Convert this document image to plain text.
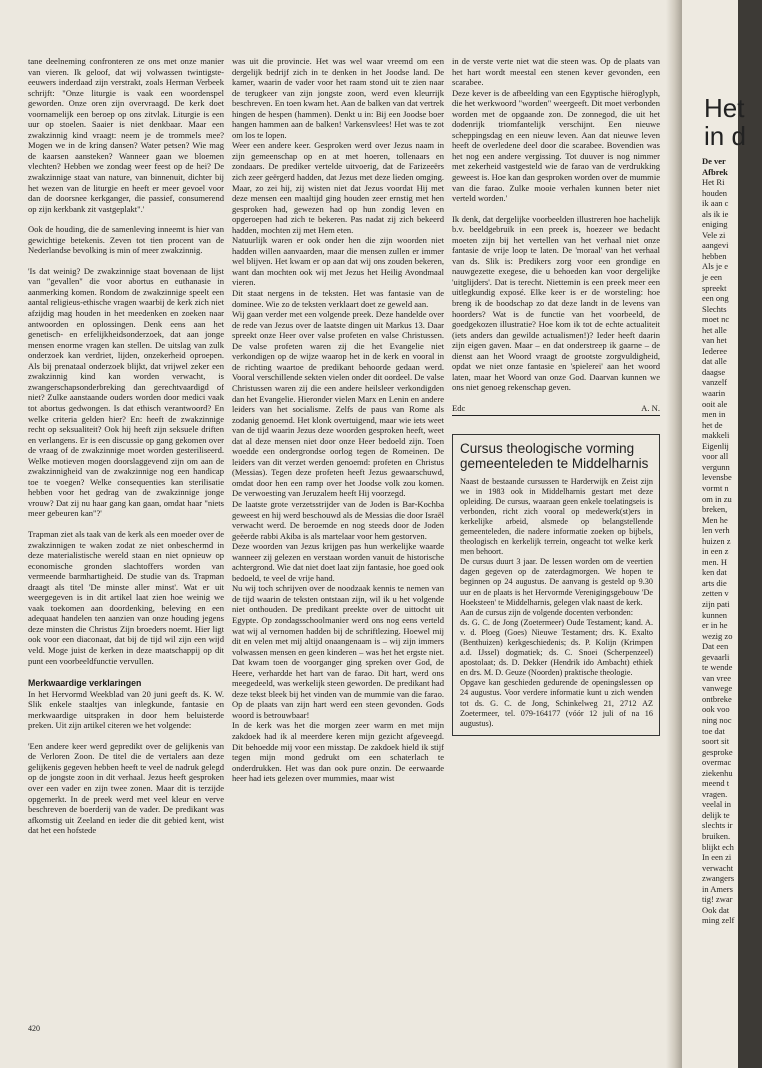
tane deelneming confronteren ze ons met onze manier van vieren. Ik geloof, dat wij volwassen twintigste-eeuwers inderdaad zijn verstrakt, zoals Herman Verbeek schrijft: "Onze liturgie is vaak een woordenspel geworden. Onze oren zijn overvraagd. De kerk doet voornamelijk een beroep op ons zitvlak. Liturgie is een uur op stoelen. Saaier is niet denkbaar. Maar een zwakzinnig kind vraagt: neem je de trommels mee? Mogen we in de kring dansen? Water petsen? Wie mag de kaarsen aansteken? Wanneer gaan we bloemen vlechten? Hebben we zondag weer feest op de hei? De zwakzinnige staat van nature, van binnenuit, dichter bij het wezen van de liturgie en heeft er meer gevoel voor dan de doorsnee kerkganger, die passief, consumerend op zijn kerkbank zit vastgeplakt".'

Ook de houding, die de samenleving inneemt is hier van gewichtige betekenis. Zeven tot tien procent van de Nederlandse bevolking is min of meer zwakzinnig.

'Is dat weinig? De zwakzinnige staat bovenaan de lijst van "gevallen" die voor abortus en euthanasie in aanmerking komen. Rondom de zwakzinnige speelt een aantal religieus-ethische vragen waarbij de kerk zich niet afzijdig mag houden in het meedenken en zoeken naar antwoorden en oplossingen. Denk eens aan het genetisch- en erfelijkheidsonderzoek, dat aan jonge mensen enorme vragen kan stellen. De uitslag van zulk onderzoek kan verdriet, lijden, onzekerheid oproepen. Als bij prenataal onderzoek blijkt, dat vrijwel zeker een zwakzinnig kind kan worden verwacht, is zwangerschapsonderbreking dan gerechtvaardigd of niet? Zulke aanstaande ouders worden door medici vaak tot abortus gedwongen. Is dat ethisch verantwoord? En welke criteria gelden hier? En: heeft de zwakzinnige recht op seksualiteit? Ook hij heeft zijn seksuele driften en verlangens. Er is een discussie op gang gekomen over de vraag of de zwakzinnige moet worden gesteriliseerd. Welke motieven mogen doorslaggevend zijn om aan de zwakzinnigheid van de zwakzinnige nog een handicap toe te voegen? Welke consequenties kan sterilisatie hebben voor het gedrag van de zwakzinnige jonge vrouw? Dat zij nu haar gang kan gaan, omdat haar "niets meer gebeuren kan"?'

Trapman ziet als taak van de kerk als een moeder over de zwakzinnigen te waken zodat ze niet onbeschermd in deze materialistische wereld staan en niet opnieuw op economische gronden slachtoffers worden van vermeende barmhartigheid. De studie van ds. Trapman draagt als titel 'De minste aller minst'. Wat er uit weergegeven is in dit artikel laat zien hoe weinig we vaak toekomen aan doordenking, beleving en een adequaat handelen ten aanzien van onze houding jegens deze minsten die Christus Zijn broeders noemt. Hier ligt ook voor een diaconaat, dat bij de tijd wil zijn een wijd veld. Moge juist de kerken in deze maatschappij op dit punt een voorbeeldfunctie vervullen.

Merkwaardige verklaringen

In het Hervormd Weekblad van 20 juni geeft ds. K. W. Slik enkele staaltjes van inlegkunde, fantasie en merkwaardige uitspraken in door hem beluisterde preken. Uit zijn artikel citeren we het volgende:

'Een andere keer werd gepredikt over de gelijkenis van de Verloren Zoon. De titel die de vertalers aan deze gelijkenis gegeven hebben heeft te veel de nadruk gelegd op de jongste zoon in dit verhaal. Jezus heeft gesproken over een vader en zijn twee zonen. Maar dit is terzijde opgemerkt. In de preek werd met veel kleur en verve beschreven de boerderij van de vader. De predikant was afkomstig uit Zeeland en ieder die dit gebied kent, wist dat het een hofstede

was uit die provincie. Het was wel waar vreemd om een dergelijk bedrijf zich in te denken in het Joodse land. De kamer, waarin de vader voor het raam stond uit te zien naar de terugkeer van zijn jongste zoon, werd even kleurrijk beschreven. En toen kwam het. Aan de balken van dat vertrek hingen de hespen (hammen). Denkt u in: Bij een Joodse boer hangen hammen aan de balken! Varkensvlees! Het was te zot om los te lopen.

Weer een andere keer. Gesproken werd over Jezus naam in zijn gemeenschap op en at met hoeren, tollenaars en zondaars. De prediker vertelde uitvoerig, dat de Farizeeërs zich zeer geërgerd hadden, dat Jezus met deze lieden omging. Maar, zo zei hij, zij wisten niet dat Jezus voordat Hij met deze mensen een maaltijd ging houden zeer ernstig met hen gesproken had, gewezen had op hun zondig leven en opgeroepen had zich te bekeren. Pas nadat zij zich bekeerd hadden, mochten zij met Hem eten.

Natuurlijk waren er ook onder hen die zijn woorden niet hadden willen aanvaarden, maar die mensen zullen er immer wel blijven. Het kwam er op aan dat wij ons zouden bekeren, want dan mochten ook wij met Jezus het Heilig Avondmaal vieren.

Dit staat nergens in de teksten. Het was fantasie van de dominee. Wie zo de teksten verklaart doet ze geweld aan.

Wij gaan verder met een volgende preek. Deze handelde over de rede van Jezus over de laatste dingen uit Markus 13. Daar spreekt onze Heer over valse profeten en valse Christussen. De valse profeten waren zij die het Evangelie niet verkondigen op de wijze waarop het in de kerk en vooral in de richting waartoe de predikant behoorde gedaan werd. Vooral verschillende sekten vielen onder dit oordeel. De valse Christussen waren zij die een andere heilsleer verkondigden dan het Evangelie. Hieronder vielen Marx en Lenin en andere leiders van het socialisme. Zelfs de paus van Rome als zodanig genoemd. Het klonk overtuigend, maar wie iets weet van de tijd waarin Jezus deze woorden gesproken heeft, weet dat al deze mensen niet door onze Heer bedoeld zijn. Toen woedde een ondergrondse oorlog tegen de Romeinen. De leiders van dit verzet werden genoemd: profeten en Christus (Messias). Tegen deze profeten heeft Jezus gewaarschuwd, omdat door hen een ramp over het Joodse volk zou komen. De verwoesting van Jeruzalem heeft Hij voorzegd.

De laatste grote verzetsstrijder van de Joden is Bar-Kochba geweest en hij werd beschouwd als de Messias die door Israël verwacht werd. De beroemde en nog steeds door de Joden geëerde rabbi Akiba is als martelaar voor hem gestorven.

Deze woorden van Jezus krijgen pas hun werkelijke waarde wanneer zij gelezen en verstaan worden vanuit de historische achtergrond. Wie dat niet doet laat zijn fantasie, hoe goed ook bedoeld, te veel de vrije hand.

Nu wij toch schrijven over de noodzaak kennis te nemen van de tijd waarin de teksten ontstaan zijn, wil ik u het volgende niet onthouden. De predikant preekte over de uittocht uit Egypte. Op zondagsschoolmanier werd ons nog eens verteld wat wij al vernomen hadden bij de schriftlezing. Hoewel mij dit en velen met mij altijd onaangenaam is – wij zijn immers volwassen mensen en geen kinderen – was het het ergste niet. Dat kwam toen de voorganger ging spreken over God, de Heere, verhardde het hart van de farao. Dit hart, werd ons meegedeeld, was werkelijk steen geworden. De predikant had deze tekst bleek bij het vinden van de mummie van die farao. Op de plaats van zijn hart werd een steen gevonden. Gods woord is betrouwbaar!

In de kerk was het die morgen zeer warm en met mijn zakdoek had ik al meerdere keren mijn gezicht afgeveegd. Dit behoedde mij voor een misstap. De zakdoek hield ik stijf tegen mijn mond gedrukt om een schaterlach te onderdrukken. Het was dan ook pure onzin. De eerwaarde heer had iets gelezen over mummies, maar wist

in de verste verte niet wat die steen was. Op de plaats van het hart wordt meestal een stenen kever gevonden, een scarabee.

Deze kever is de afbeelding van een Egyptische hiëroglyph, die het werkwoord "worden" weergeeft. Dit moet verbonden worden met de opgaande zon. De zonnegod, die uit het dodenrijk triomfantelijk verschijnt. Een nieuwe scheppingsdag en een nieuw leven. Aan dat nieuwe leven heeft de overledene deel door die scarabee. Bovendien was het nog een andere vergissing. Tot duuver is nog nimmer met zekerheid vastgesteld wie de farao van de verdrukking geweest is. Hoe kan dan gesproken worden over de mummie van die farao. Zulke mooie verhalen kunnen beter niet verteld worden.'

Ik denk, dat dergelijke voorbeelden illustreren hoe hachelijk b.v. beeldgebruik in een preek is, hoezeer we bedacht moeten zijn bij het vertellen van het verhaal niet onze fantasie de vrije loop te laten. De 'moraal' van het verhaal van ds. Slik is: Predikers zorg voor een grondige en nauwgezette exegese, die u behoeden kan voor dergelijke 'uitglijders'. Dat is terecht. Niettemin is een preek meer een uitlegkundig exposé. Elke keer is er de worsteling: hoe breng ik de boodschap zo dat deze landt in de levens van hoorders? Wat is de functie van het voorbeeld, de goedgekozen illustratie? Hoe kom ik tot de echte actualiteit (iets anders dan gewilde actualismen!)? Ieder heeft daarin zijn eigen gaven. Maar – en dat onderstreep ik gaarne – de dienst aan het Woord vraagt de grootste zorgvuldigheid, opdat we niet onze fantasie en 'spielerei' aan het woord laten, maar het Woord van onze God. Daarvan kunnen we ons niet genoeg rekenschap geven.

Edc	A. N.
Cursus theologische vorming gemeenteleden te Middelharnis

Naast de bestaande cursussen te Harderwijk en Zeist zijn we in 1983 ook in Middelharnis gestart met deze opleiding. De cursus, waaraan geen enkele toelatingseis is verbonden, richt zich vooral op medewerk(st)ers in kerkelijke arbeid, alsmede op belangstellende gemeenteleden, die nadere informatie zoeken op bijbels, theologisch en kerkelijk terrein, ongeacht tot welke kerk men behoort.

De cursus duurt 3 jaar. De lessen worden om de veertien dagen gegeven op de zaterdagmorgen. We hopen te beginnen op 24 augustus. De aanvang is gesteld op 9.30 uur en de plaats is het Hervormde Verenigingsgebouw 'De Hoeksteen' te Middelharnis, gelegen vlak naast de kerk.

Aan de cursus zijn de volgende docenten verbonden:

ds. G. C. de Jong (Zoetermeer) Oude Testament; kand. A. v. d. Ploeg (Goes) Nieuwe Testament; drs. K. Exalto (Benthuizen) kerkgeschiedenis; ds. P. Kolijn (Krimpen a.d. IJssel) dogmatiek; ds. C. Snoei (Scherpenzeel) apostolaat; ds. D. Dekker (Hendrik ido Ambacht) ethiek en drs. M. D. Geuze (Noorden) praktische theologie.

Opgave kan geschieden gedurende de openingslessen op 24 augustus. Voor verdere informatie kunt u zich wenden tot ds. G. C. de Jong, Schinkelweg 21, 2712 AZ Zoetermeer, tel. 079-164177 (vóór 12 juli of na 16 augustus).

420
Het
in d
De ver
Afbrek
Het Ri
houden
ik aan c
als ik ie
eniging
Vele zi
aangevi
hebben
Als je e
je een
spreekt
een ong
Slechts
moet nc
het alle
van het
Iederee
dat alle
daagse
vanzelf
waarin
ooit ale
men in
het de
makkeli
Eigenlij
voor all
vergunn
levensbe
vormt n
om in zu
breken,
Men he
len verh
huizen z
in een z
men. H
ken dat
arts die
zetten v
zijn pati
kunnen
er in he
wezig zo
Dat een
gevaarli
te wende
van vree
vanwege
ontbreke
ook voo
ning noc
toe dat
soort sit
gesproke
overmac
ziekenhu
meend t
vragen.
veelal in
delijk te
slechts ir
bruiken.
blijkt ech
In een zi
verwacht
zwangers
in Amers
tig! zwar
Ook dat
ming zelf
